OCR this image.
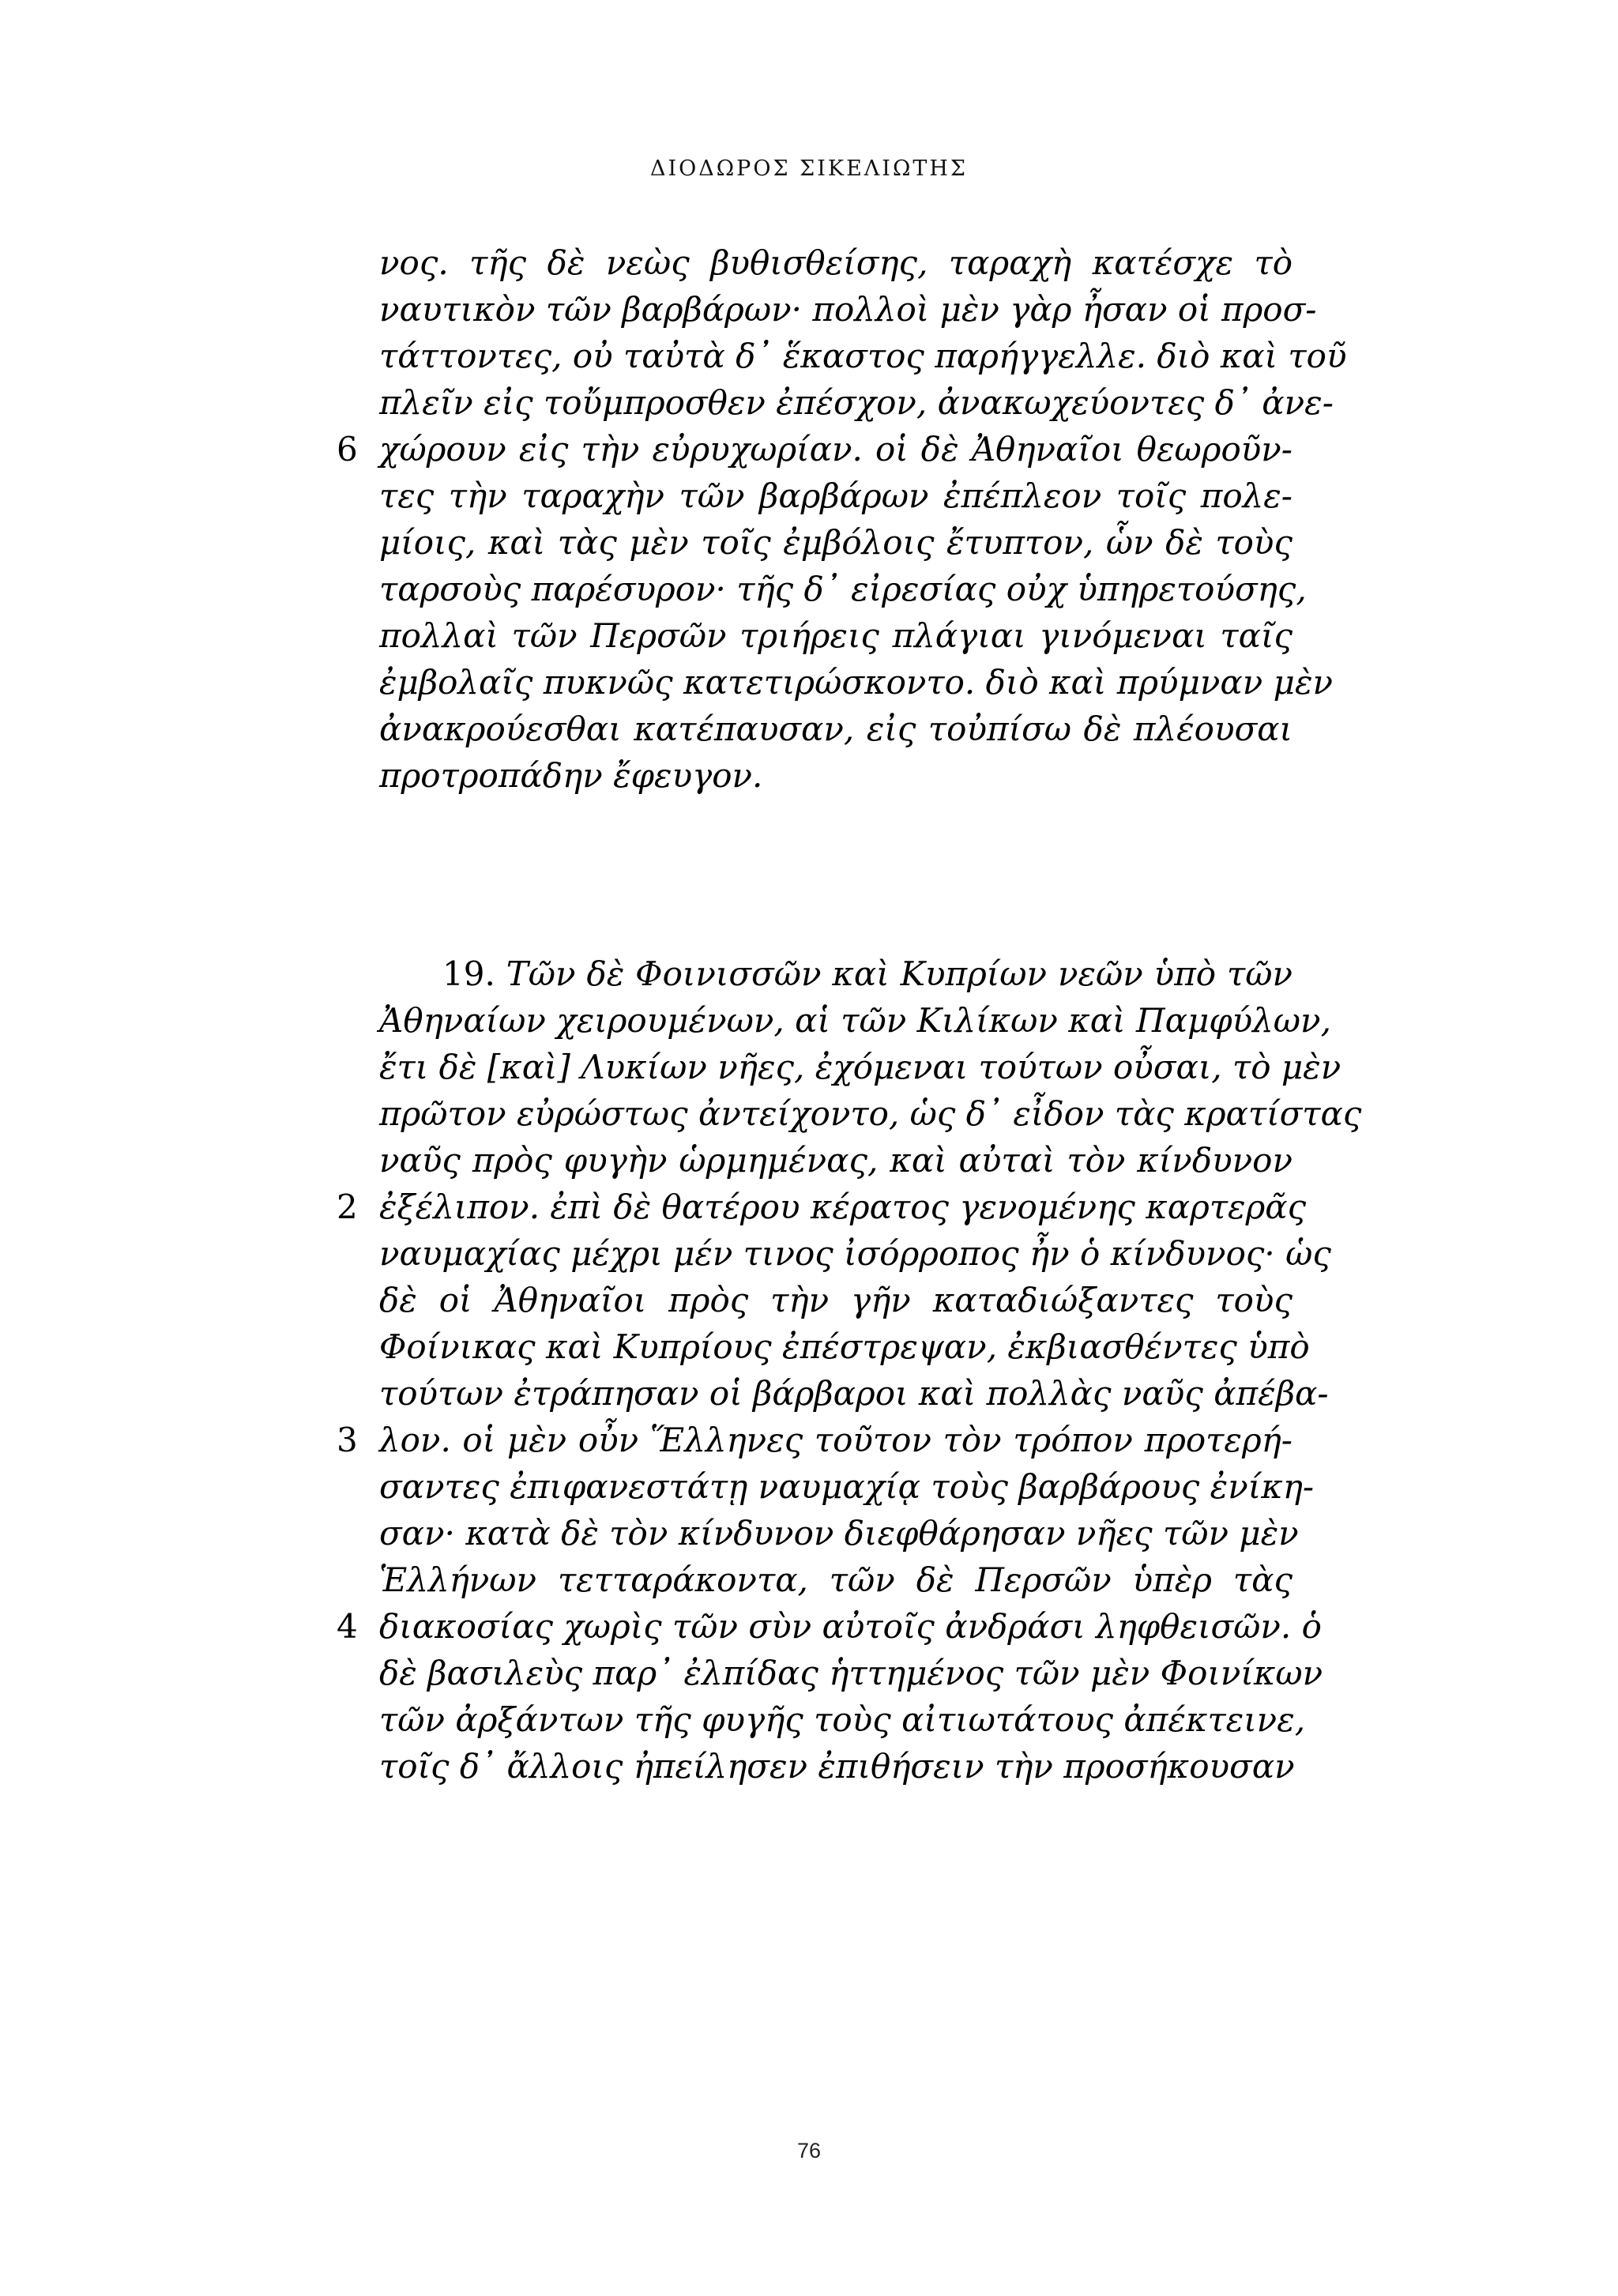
ΔΙΟΔΩΡΟΣ ΣΙΚΕΛΙΩΤΗΣ
νος. τῆς δὲ νεὼς βυθισθείσης, ταραχὴ κατέσχε τὸ
ναυτικὸν τῶν βαρβάρων· πολλοὶ μὲν γὰρ ἦσαν οἱ προσ-
τάττοντες, οὐ ταὐτὰ δ᾿ ἕκαστος παρήγγελλε. διὸ καὶ τοῦ
πλεῖν εἰς τοὔμπροσθεν ἐπέσχον, ἀνακωχεύοντες δ᾿ ἀνε-
6 χώρουν εἰς τὴν εὐρυχωρίαν. οἱ δὲ Ἀθηναῖοι θεωροῦν-
τες τὴν ταραχὴν τῶν βαρβάρων ἐπέπλεον τοῖς πολε-
μίοις, καὶ τὰς μὲν τοῖς ἐμβόλοις ἔτυπτον, ὧν δὲ τοὺς
ταρσοὺς παρέσυρον· τῆς δ᾿ εἰρεσίας οὐχ ὑπηρετούσης,
πολλαὶ τῶν Περσῶν τριήρεις πλάγιαι γινόμεναι ταῖς
ἐμβολαῖς πυκνῶς κατετιρώσκοντο. διὸ καὶ πρύμναν μὲν
ἀνακρούεσθαι κατέπαυσαν, εἰς τοὐπίσω δὲ πλέουσαι
προτροπάδην ἔφευγον.
19. Τῶν δὲ Φοινισσῶν καὶ Κυπρίων νεῶν ὑπὸ τῶν
Ἀθηναίων χειρουμένων, αἱ τῶν Κιλίκων καὶ Παμφύλων,
ἔτι δὲ [καὶ] Λυκίων νῆες, ἐχόμεναι τούτων οὖσαι, τὸ μὲν
πρῶτον εὐρώστως ἀντείχοντο, ὡς δ᾿ εἶδον τὰς κρατίστας
ναῦς πρὸς φυγὴν ὡρμημένας, καὶ αὐταὶ τὸν κίνδυνον
2 ἐξέλιπον. ἐπὶ δὲ θατέρου κέρατος γενομένης καρτερᾶς
ναυμαχίας μέχρι μέν τινος ἰσόρροπος ἦν ὁ κίνδυνος· ὡς
δὲ οἱ Ἀθηναῖοι πρὸς τὴν γῆν καταδιώξαντες τοὺς
Φοίνικας καὶ Κυπρίους ἐπέστρεψαν, ἐκβιασθέντες ὑπὸ
τούτων ἐτράπησαν οἱ βάρβαροι καὶ πολλὰς ναῦς ἀπέβα-
3 λον. οἱ μὲν οὖν Ἕλληνες τοῦτον τὸν τρόπον προτερή-
σαντες ἐπιφανεστάτῃ ναυμαχίᾳ τοὺς βαρβάρους ἐνίκη-
σαν· κατὰ δὲ τὸν κίνδυνον διεφθάρησαν νῆες τῶν μὲν
Ἑλλήνων τετταράκοντα, τῶν δὲ Περσῶν ὑπὲρ τὰς
4 διακοσίας χωρὶς τῶν σὺν αὐτοῖς ἀνδράσι ληφθεισῶν. ὁ
δὲ βασιλεὺς παρ᾿ ἐλπίδας ἡττημένος τῶν μὲν Φοινίκων
τῶν ἀρξάντων τῆς φυγῆς τοὺς αἰτιωτάτους ἀπέκτεινε,
τοῖς δ᾿ ἄλλοις ἠπείλησεν ἐπιθήσειν τὴν προσήκουσαν
76
